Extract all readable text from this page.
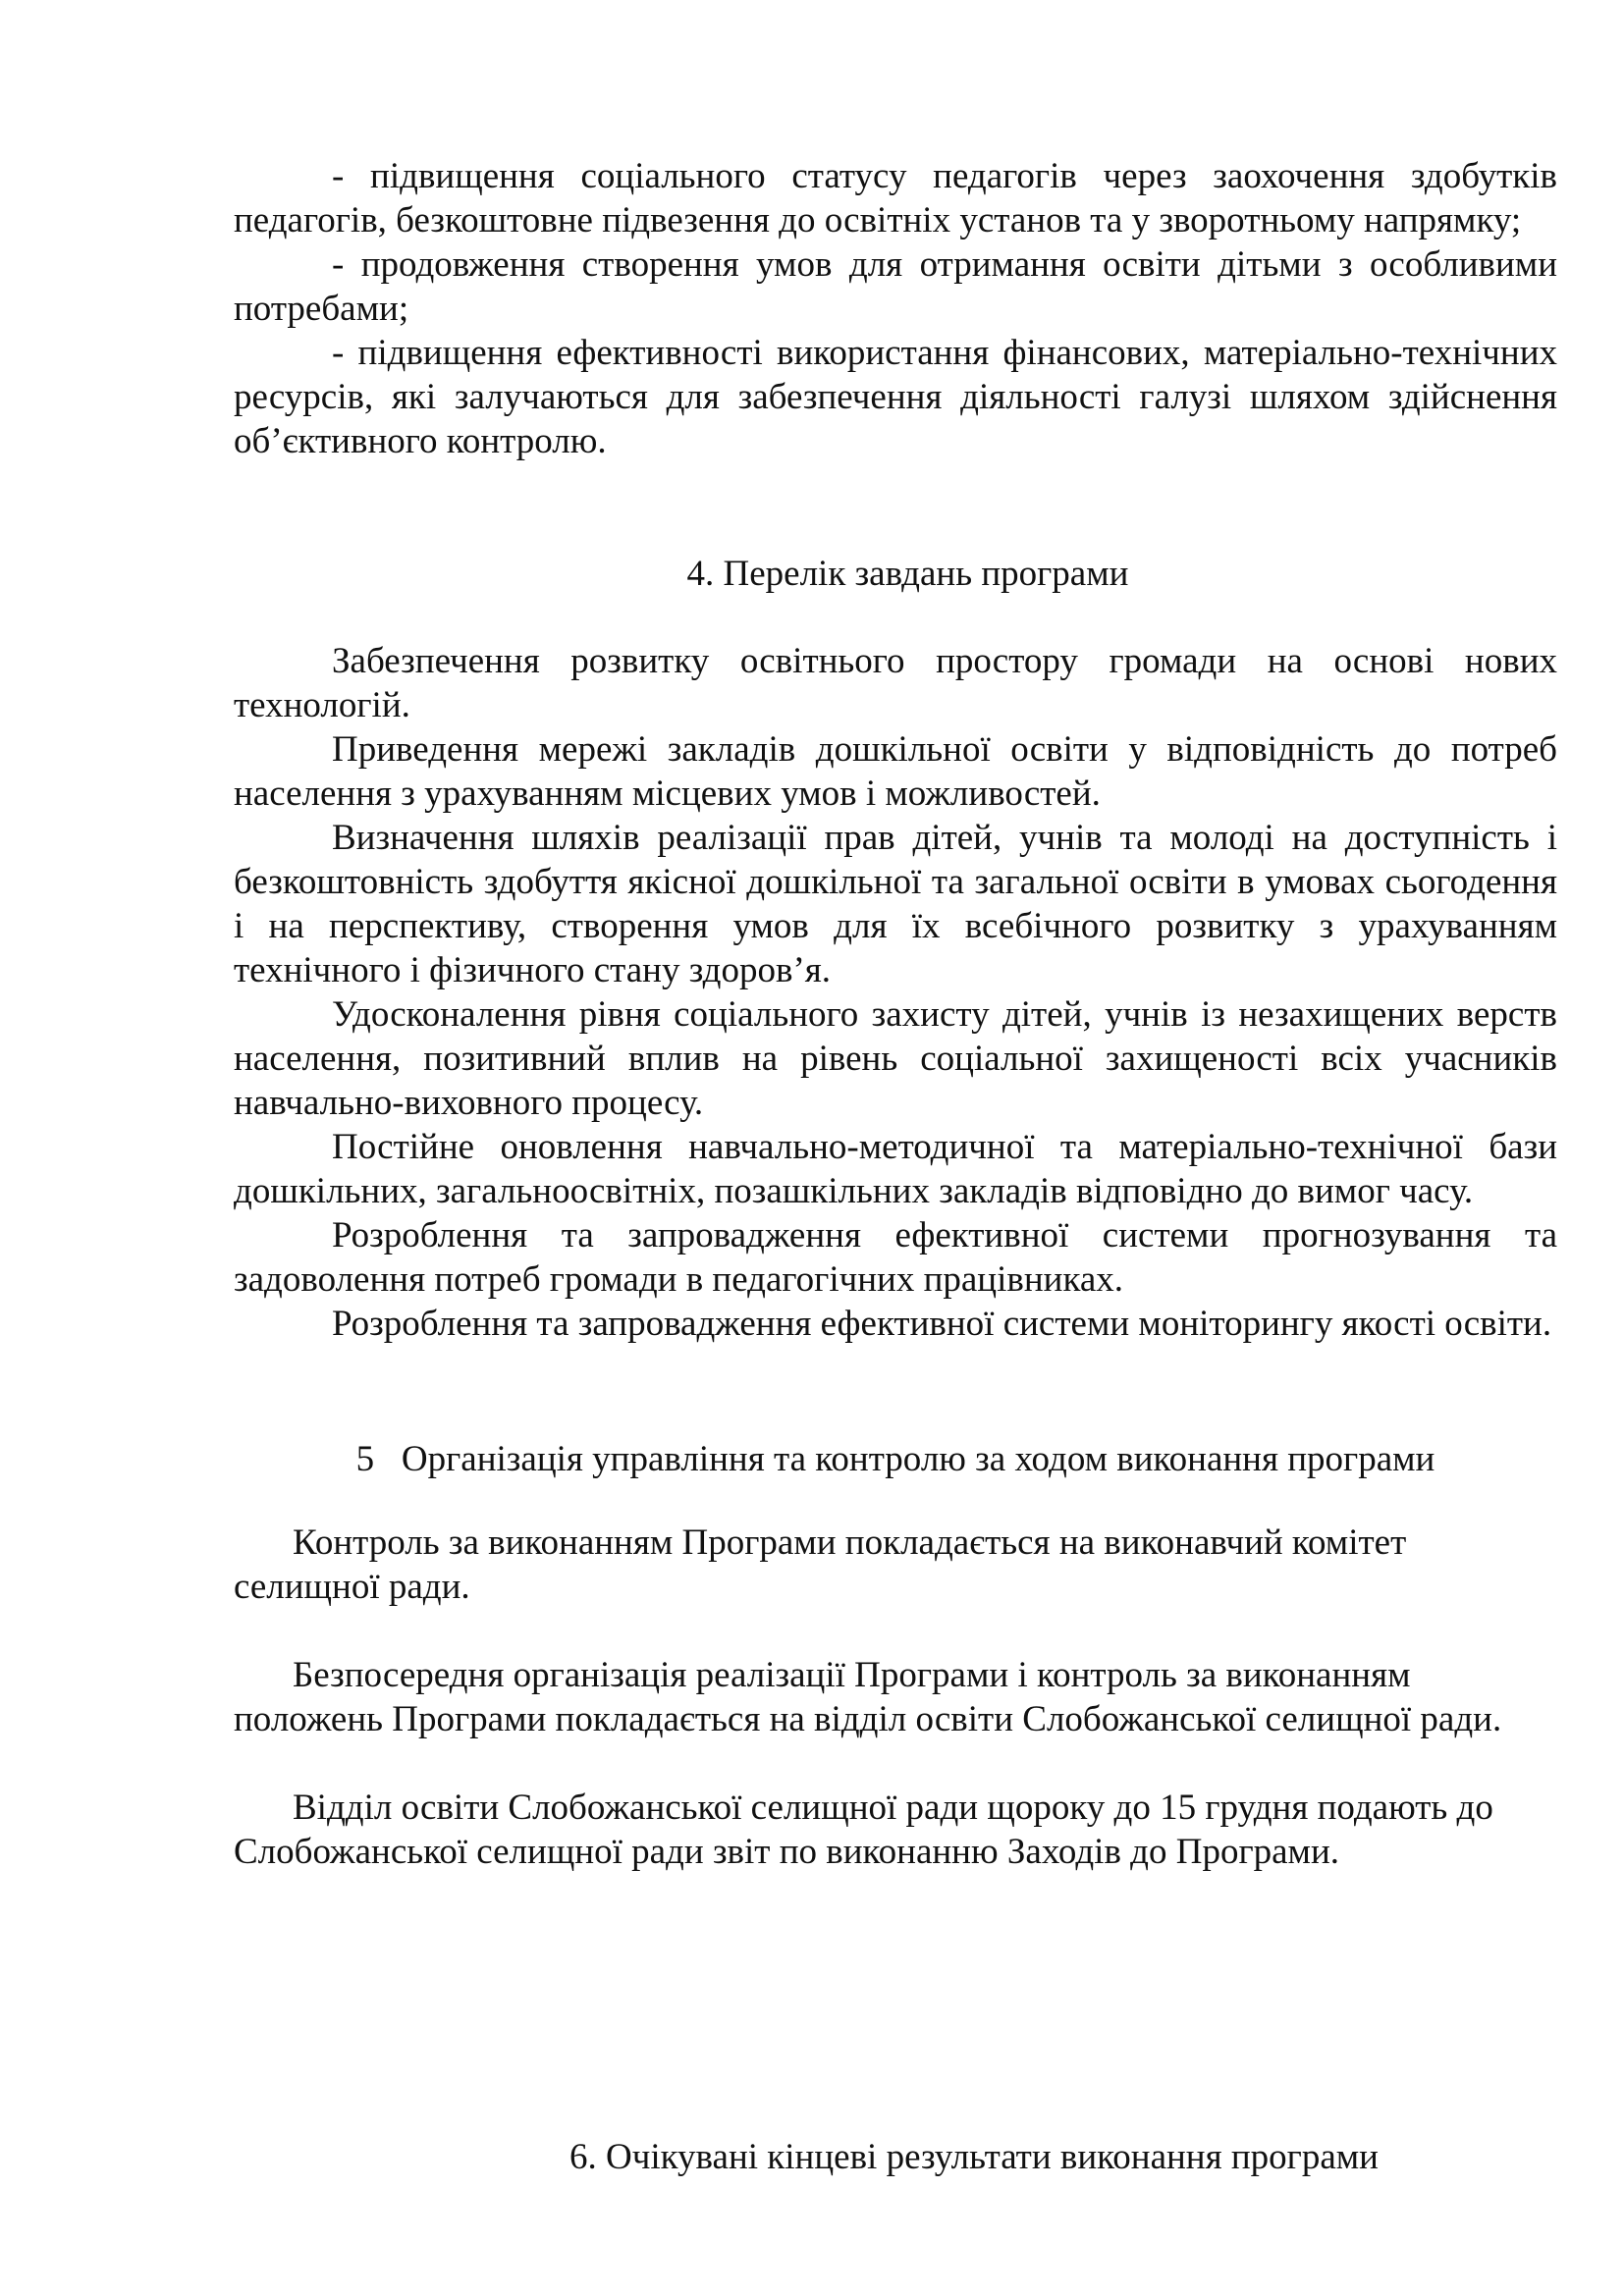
- підвищення соціального статусу педагогів через заохочення здобутків педагогів, безкоштовне підвезення до освітніх установ та у зворотньому напрямку;

- продовження створення умов для отримання освіти дітьми з особливими потребами;

- підвищення ефективності використання фінансових, матеріально-технічних ресурсів, які залучаються для забезпечення діяльності галузі шляхом здійснення об’єктивного контролю.

4. Перелік завдань програми

Забезпечення розвитку освітнього простору громади на основі нових технологій.

Приведення мережі закладів дошкільної освіти у відповідність до потреб населення з урахуванням місцевих умов і можливостей.

Визначення шляхів реалізації прав дітей, учнів та молоді на доступність і безкоштовність здобуття якісної дошкільної та загальної освіти в умовах сьогодення і на перспективу, створення умов для їх всебічного розвитку з урахуванням технічного і фізичного стану здоров’я.

Удосконалення рівня соціального захисту дітей, учнів із незахищених верств населення, позитивний вплив на рівень соціальної захищеності всіх учасників навчально-виховного процесу.

Постійне оновлення навчально-методичної та матеріально-технічної бази дошкільних, загальноосвітніх, позашкільних закладів відповідно до вимог часу.

Розроблення та запровадження ефективної системи прогнозування та задоволення потреб громади в педагогічних працівниках.

Розроблення та запровадження ефективної системи моніторингу якості освіти.

5   Організація управління та контролю за ходом виконання програми

Контроль за виконанням Програми покладається на виконавчий комітет селищної ради.

Безпосередня організація реалізації Програми і контроль за виконанням положень Програми покладається на відділ освіти Слобожанської селищної ради.

Відділ освіти Слобожанської селищної ради щороку до 15 грудня подають до Слобожанської селищної ради звіт по виконанню Заходів до Програми.

6. Очікувані кінцеві результати виконання програми
